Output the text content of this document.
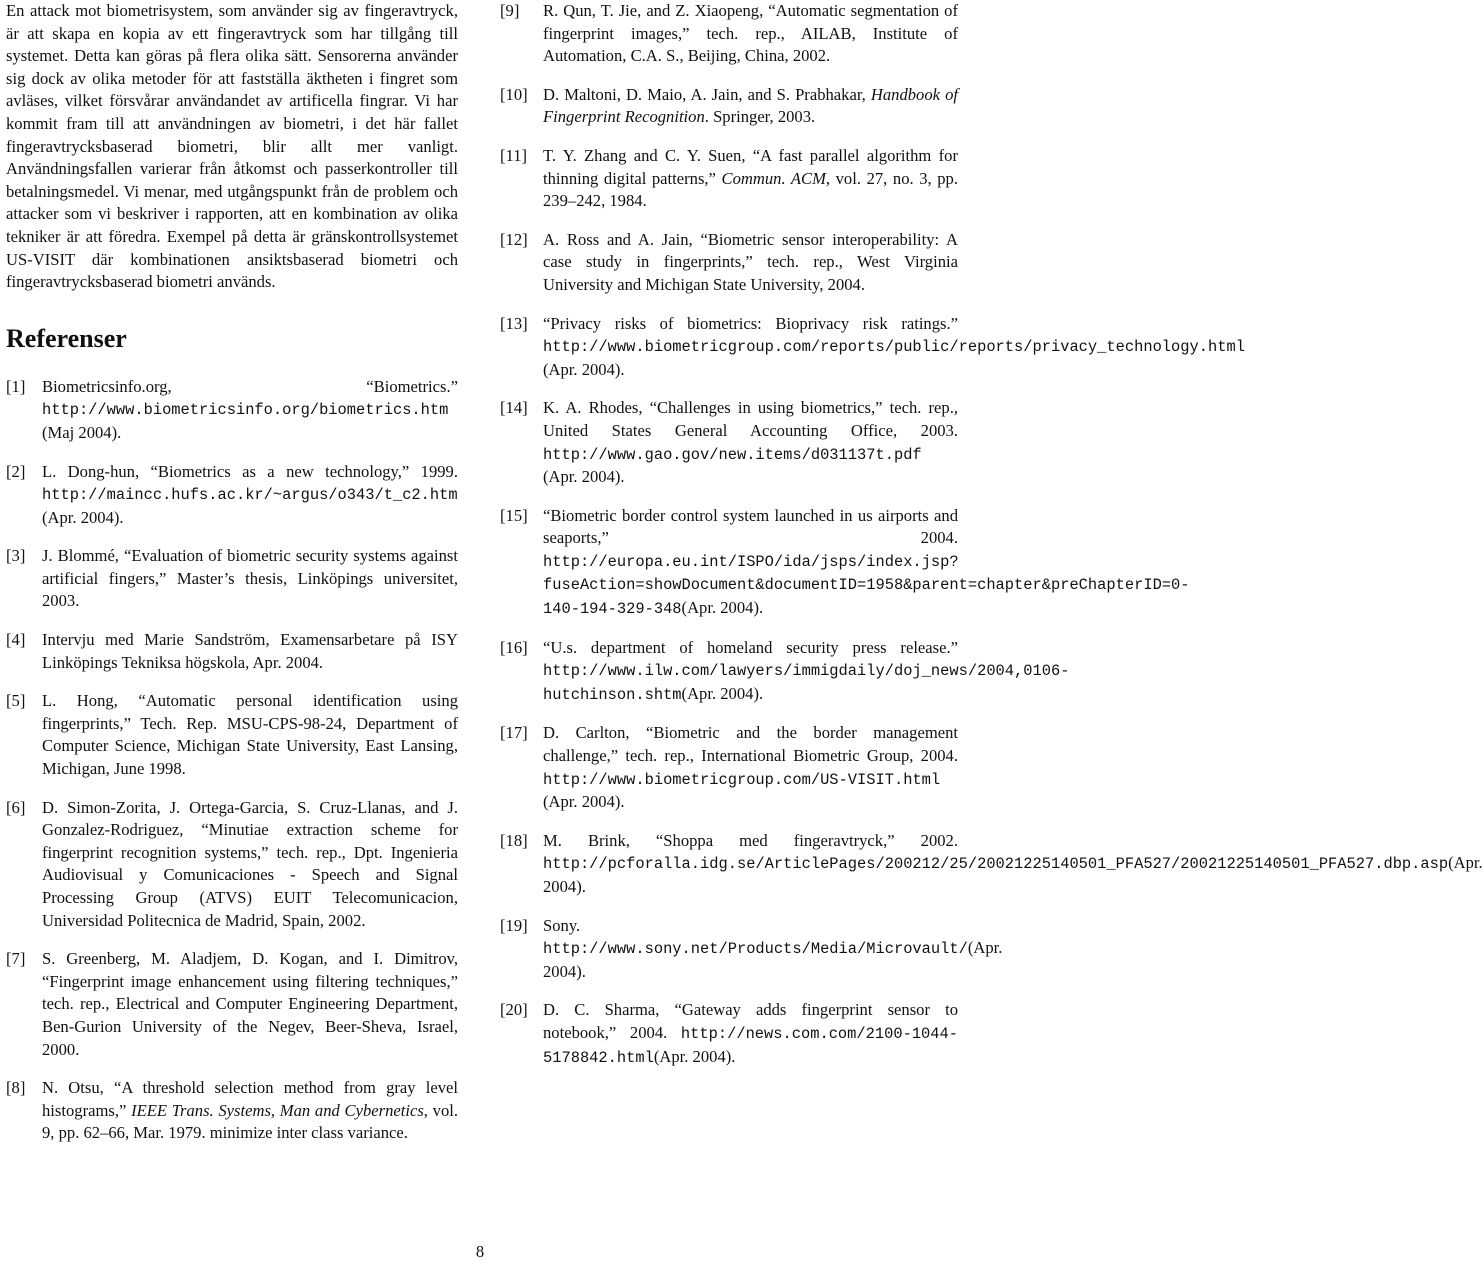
En attack mot biometrisystem, som använder sig av fingeravtryck, är att skapa en kopia av ett fingeravtryck som har tillgång till systemet. Detta kan göras på flera olika sätt. Sensorerna använder sig dock av olika metoder för att fastställa äktheten i fingret som avläses, vilket försvårar användandet av artificella fingrar. Vi har kommit fram till att användningen av biometri, i det här fallet fingeravtrycksbaserad biometri, blir allt mer vanligt. Användningsfallen varierar från åtkomst och passerkontroller till betalningsmedel. Vi menar, med utgångspunkt från de problem och attacker som vi beskriver i rapporten, att en kombination av olika tekniker är att föredra. Exempel på detta är gränskontrollsystemet US-VISIT där kombinationen ansiktsbaserad biometri och fingeravtrycksbaserad biometri används.

Referenser
[1] Biometricsinfo.org, “Biometrics.” http://www.biometricsinfo.org/biometrics.htm (Maj 2004).
[2] L. Dong-hun, “Biometrics as a new technology,” 1999. http://maincc.hufs.ac.kr/~argus/o343/t_c2.htm (Apr. 2004).
[3] J. Blommé, “Evaluation of biometric security systems against artificial fingers,” Master’s thesis, Linköpings universitet, 2003.
[4] Intervju med Marie Sandström, Examensarbetare på ISY Linköpings Tekniksa högskola, Apr. 2004.
[5] L. Hong, “Automatic personal identification using fingerprints,” Tech. Rep. MSU-CPS-98-24, Department of Computer Science, Michigan State University, East Lansing, Michigan, June 1998.
[6] D. Simon-Zorita, J. Ortega-Garcia, S. Cruz-Llanas, and J. Gonzalez-Rodriguez, “Minutiae extraction scheme for fingerprint recognition systems,” tech. rep., Dpt. Ingenieria Audiovisual y Comunicaciones - Speech and Signal Processing Group (ATVS) EUIT Telecomunicacion, Universidad Politecnica de Madrid, Spain, 2002.
[7] S. Greenberg, M. Aladjem, D. Kogan, and I. Dimitrov, “Fingerprint image enhancement using filtering techniques,” tech. rep., Electrical and Computer Engineering Department, Ben-Gurion University of the Negev, Beer-Sheva, Israel, 2000.
[8] N. Otsu, “A threshold selection method from gray level histograms,” IEEE Trans. Systems, Man and Cybernetics, vol. 9, pp. 62–66, Mar. 1979. minimize inter class variance.
[9] R. Qun, T. Jie, and Z. Xiaopeng, “Automatic segmentation of fingerprint images,” tech. rep., AILAB, Institute of Automation, C.A. S., Beijing, China, 2002.
[10] D. Maltoni, D. Maio, A. Jain, and S. Prabhakar, Handbook of Fingerprint Recognition. Springer, 2003.
[11] T. Y. Zhang and C. Y. Suen, “A fast parallel algorithm for thinning digital patterns,” Commun. ACM, vol. 27, no. 3, pp. 239–242, 1984.
[12] A. Ross and A. Jain, “Biometric sensor interoperability: A case study in fingerprints,” tech. rep., West Virginia University and Michigan State University, 2004.
[13] “Privacy risks of biometrics: Bioprivacy risk ratings.” http://www.biometricgroup.com/reports/public/reports/privacy_technology.html (Apr. 2004).
[14] K. A. Rhodes, “Challenges in using biometrics,” tech. rep., United States General Accounting Office, 2003. http://www.gao.gov/new.items/d031137t.pdf (Apr. 2004).
[15] “Biometric border control system launched in us airports and seaports,” 2004. http://europa.eu.int/ISPO/ida/jsps/index.jsp?fuseAction=showDocument&documentID=1958&parent=chapter&preChapterID=0-140-194-329-348(Apr. 2004).
[16] “U.s. department of homeland security press release.” http://www.ilw.com/lawyers/immigdaily/doj_news/2004,0106-hutchinson.shtm(Apr. 2004).
[17] D. Carlton, “Biometric and the border management challenge,” tech. rep., International Biometric Group, 2004. http://www.biometricgroup.com/US-VISIT.html (Apr. 2004).
[18] M. Brink, “Shoppa med fingeravtryck,” 2002. http://pcforalla.idg.se/ArticlePages/200212/25/20021225140501_PFA527/20021225140501_PFA527.dbp.asp(Apr. 2004).
[19] Sony. http://www.sony.net/Products/Media/Microvault/(Apr. 2004).
[20] D. C. Sharma, “Gateway adds fingerprint sensor to notebook,” 2004. http://news.com.com/2100-1044-5178842.html(Apr. 2004).
8
